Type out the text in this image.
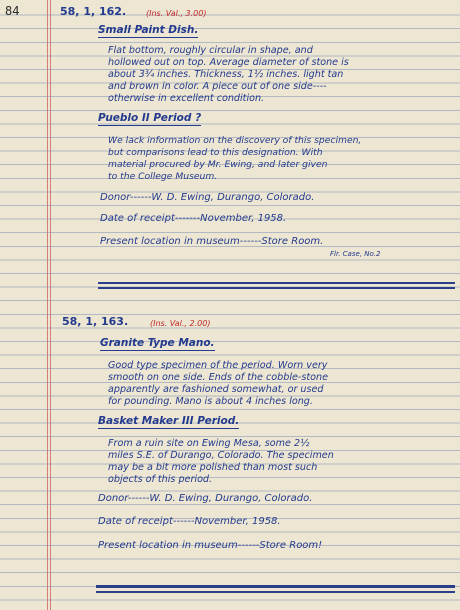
84	58, 1, 162. (Ins. Val., 3.00)
Small Paint Dish.
Flat bottom, roughly circular in shape, and
hollowed out on top. Average diameter of stone is
about 3¾ inches. Thickness, 1½ inches. light tan
and brown in color. A piece out of one side----
otherwise in excellent condition.
Pueblo II Period ?
We lack information on the discovery of this specimen,
but comparisons lead to this designation. With
material procured by Mr. Ewing, and later given
to the College Museum.
Donor------W. D. Ewing, Durango, Colorado.
Date of receipt-------November, 1958.
Present location in museum------Store Room.
Flr. Case, No.2
58, 1, 163.	(Ins. Val., 2.00)
Granite Type Mano.
Good type specimen of the period. Worn very
smooth on one side. Ends of the cobble-stone
apparently are fashioned somewhat, or used
for pounding. Mano is about 4 inches long.
Basket Maker III Period.
From a ruin site on Ewing Mesa, some 2½
miles S.E. of Durango, Colorado. The specimen
may be a bit more polished than most such
objects of this period.
Donor------W. D. Ewing, Durango, Colorado.
Date of receipt------November, 1958.
Present location in museum------Store Room!
